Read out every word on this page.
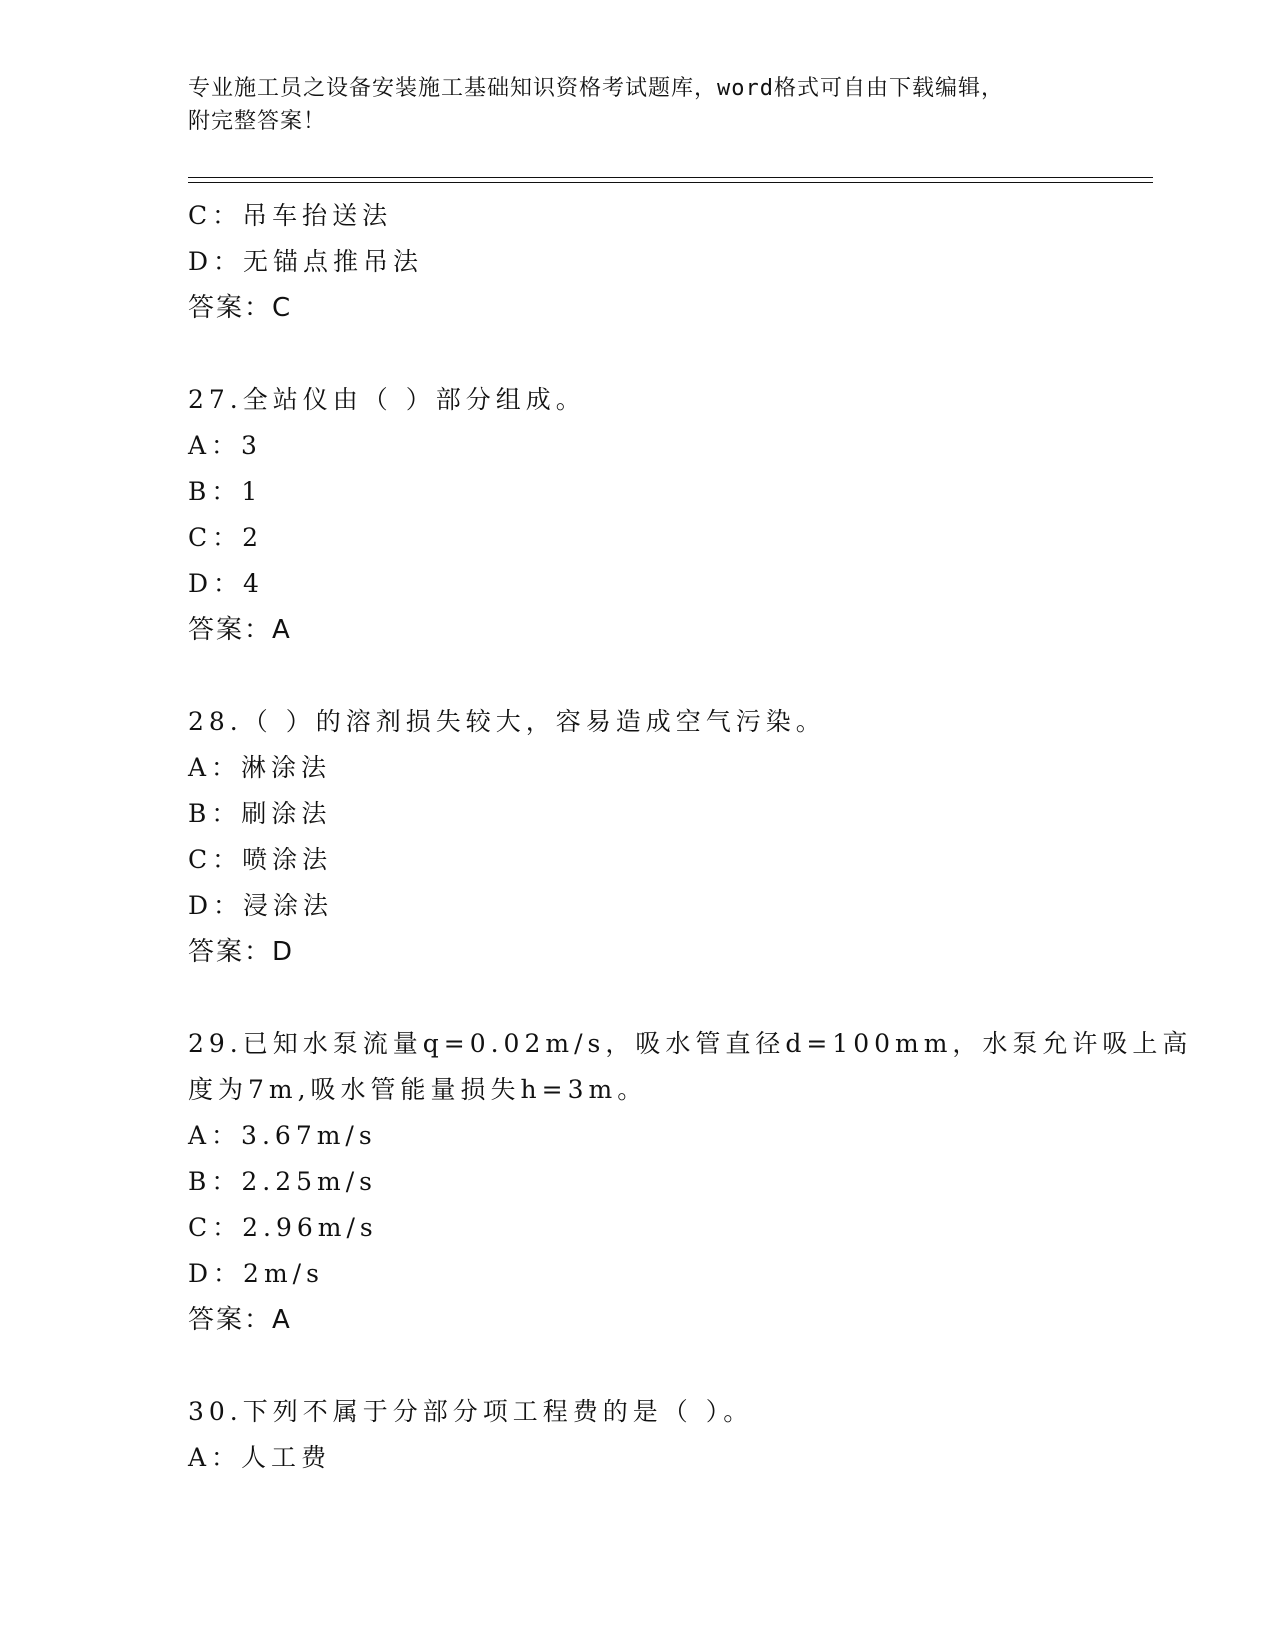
专业施工员之设备安装施工基础知识资格考试题库，word格式可自由下载编辑，
附完整答案！
C：吊车抬送法
D：无锚点推吊法
答案：C
27.全站仪由（ ）部分组成。
A：3
B：1
C：2
D：4
答案：A
28.（ ）的溶剂损失较大，容易造成空气污染。
A：淋涂法
B：刷涂法
C：喷涂法
D：浸涂法
答案：D
29.已知水泵流量q=0.02m/s，吸水管直径d=100mm，水泵允许吸上高
度为7m,吸水管能量损失h=3m。
A：3.67m/s
B：2.25m/s
C：2.96m/s
D：2m/s
答案：A
30.下列不属于分部分项工程费的是（ ）。
A：人工费
